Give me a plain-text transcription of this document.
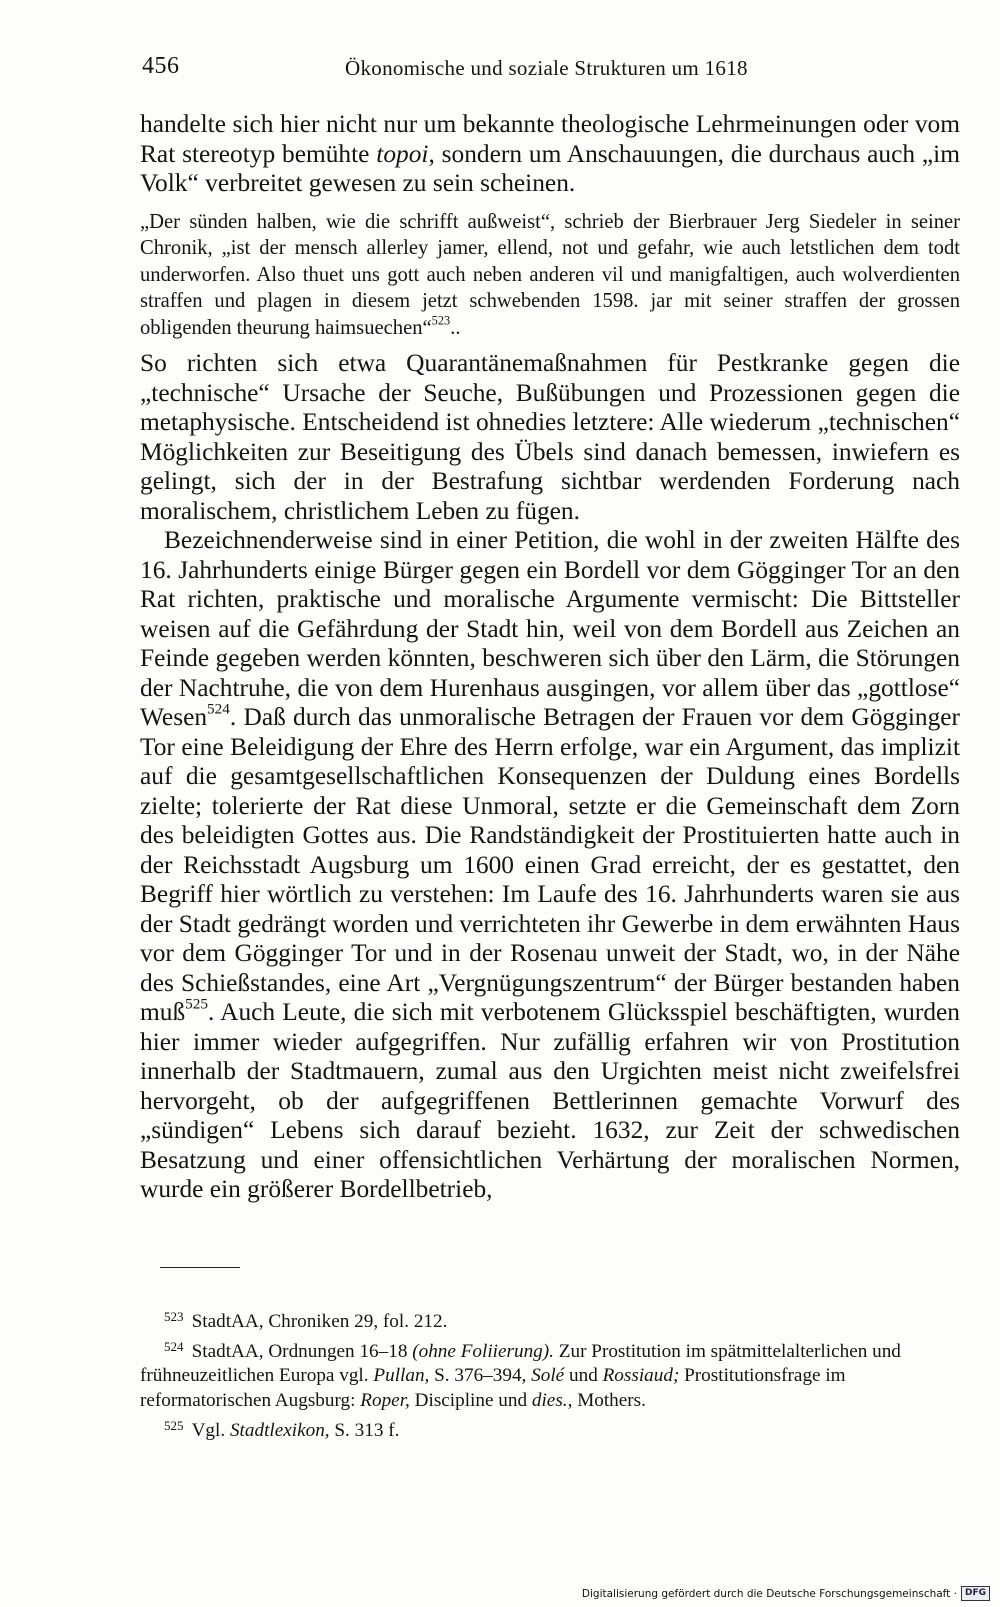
456	Ökonomische und soziale Strukturen um 1618

handelte sich hier nicht nur um bekannte theologische Lehrmeinungen oder vom Rat stereotyp bemühte topoi, sondern um Anschauungen, die durchaus auch „im Volk“ verbreitet gewesen zu sein scheinen.

„Der sünden halben, wie die schrifft außweist“, schrieb der Bierbrauer Jerg Siedeler in seiner Chronik, „ist der mensch allerley jamer, ellend, not und gefahr, wie auch letstlichen dem todt underworfen. Also thuet uns gott auch neben anderen vil und manigfaltigen, auch wolverdienten straffen und plagen in diesem jetzt schwebenden 1598. jar mit seiner straffen der grossen obligenden theurung haimsuechen“$^{523}$..

So richten sich etwa Quarantänemaßnahmen für Pestkranke gegen die „technische“ Ursache der Seuche, Bußübungen und Prozessionen gegen die metaphysische. Entscheidend ist ohnedies letztere: Alle wiederum „technischen“ Möglichkeiten zur Beseitigung des Übels sind danach bemessen, inwiefern es gelingt, sich der in der Bestrafung sichtbar werdenden Forderung nach moralischem, christlichem Leben zu fügen.

Bezeichnenderweise sind in einer Petition, die wohl in der zweiten Hälfte des 16. Jahrhunderts einige Bürger gegen ein Bordell vor dem Gögginger Tor an den Rat richten, praktische und moralische Argumente vermischt: Die Bittsteller weisen auf die Gefährdung der Stadt hin, weil von dem Bordell aus Zeichen an Feinde gegeben werden könnten, beschweren sich über den Lärm, die Störungen der Nachtruhe, die von dem Hurenhaus ausgingen, vor allem über das „gottlose“ Wesen$^{524}$. Daß durch das unmoralische Betragen der Frauen vor dem Gögginger Tor eine Beleidigung der Ehre des Herrn erfolge, war ein Argument, das implizit auf die gesamtgesellschaftlichen Konsequenzen der Duldung eines Bordells zielte; tolerierte der Rat diese Unmoral, setzte er die Gemeinschaft dem Zorn des beleidigten Gottes aus. Die Randständigkeit der Prostituierten hatte auch in der Reichsstadt Augsburg um 1600 einen Grad erreicht, der es gestattet, den Begriff hier wörtlich zu verstehen: Im Laufe des 16. Jahrhunderts waren sie aus der Stadt gedrängt worden und verrichteten ihr Gewerbe in dem erwähnten Haus vor dem Gögginger Tor und in der Rosenau unweit der Stadt, wo, in der Nähe des Schießstandes, eine Art „Vergnügungszentrum“ der Bürger bestanden haben muß$^{525}$. Auch Leute, die sich mit verbotenem Glücksspiel beschäftigten, wurden hier immer wieder aufgegriffen. Nur zufällig erfahren wir von Prostitution innerhalb der Stadtmauern, zumal aus den Urgichten meist nicht zweifelsfrei hervorgeht, ob der aufgegriffenen Bettlerinnen gemachte Vorwurf des „sündigen“ Lebens sich darauf bezieht. 1632, zur Zeit der schwedischen Besatzung und einer offensichtlichen Verhärtung der moralischen Normen, wurde ein größerer Bordellbetrieb,

$^{523}$ StadtAA, Chroniken 29, fol. 212.

$^{524}$ StadtAA, Ordnungen 16–18 (ohne Foliierung). Zur Prostitution im spätmittelalterlichen und frühneuzeitlichen Europa vgl. Pullan, S. 376–394, Solé und Rossiaud; Prostitutionsfrage im reformatorischen Augsburg: Roper, Discipline und dies., Mothers.

$^{525}$ Vgl. Stadtlexikon, S. 313 f.

Digitalisierung gefördert durch die Deutsche Forschungsgemeinschaft · DFG
